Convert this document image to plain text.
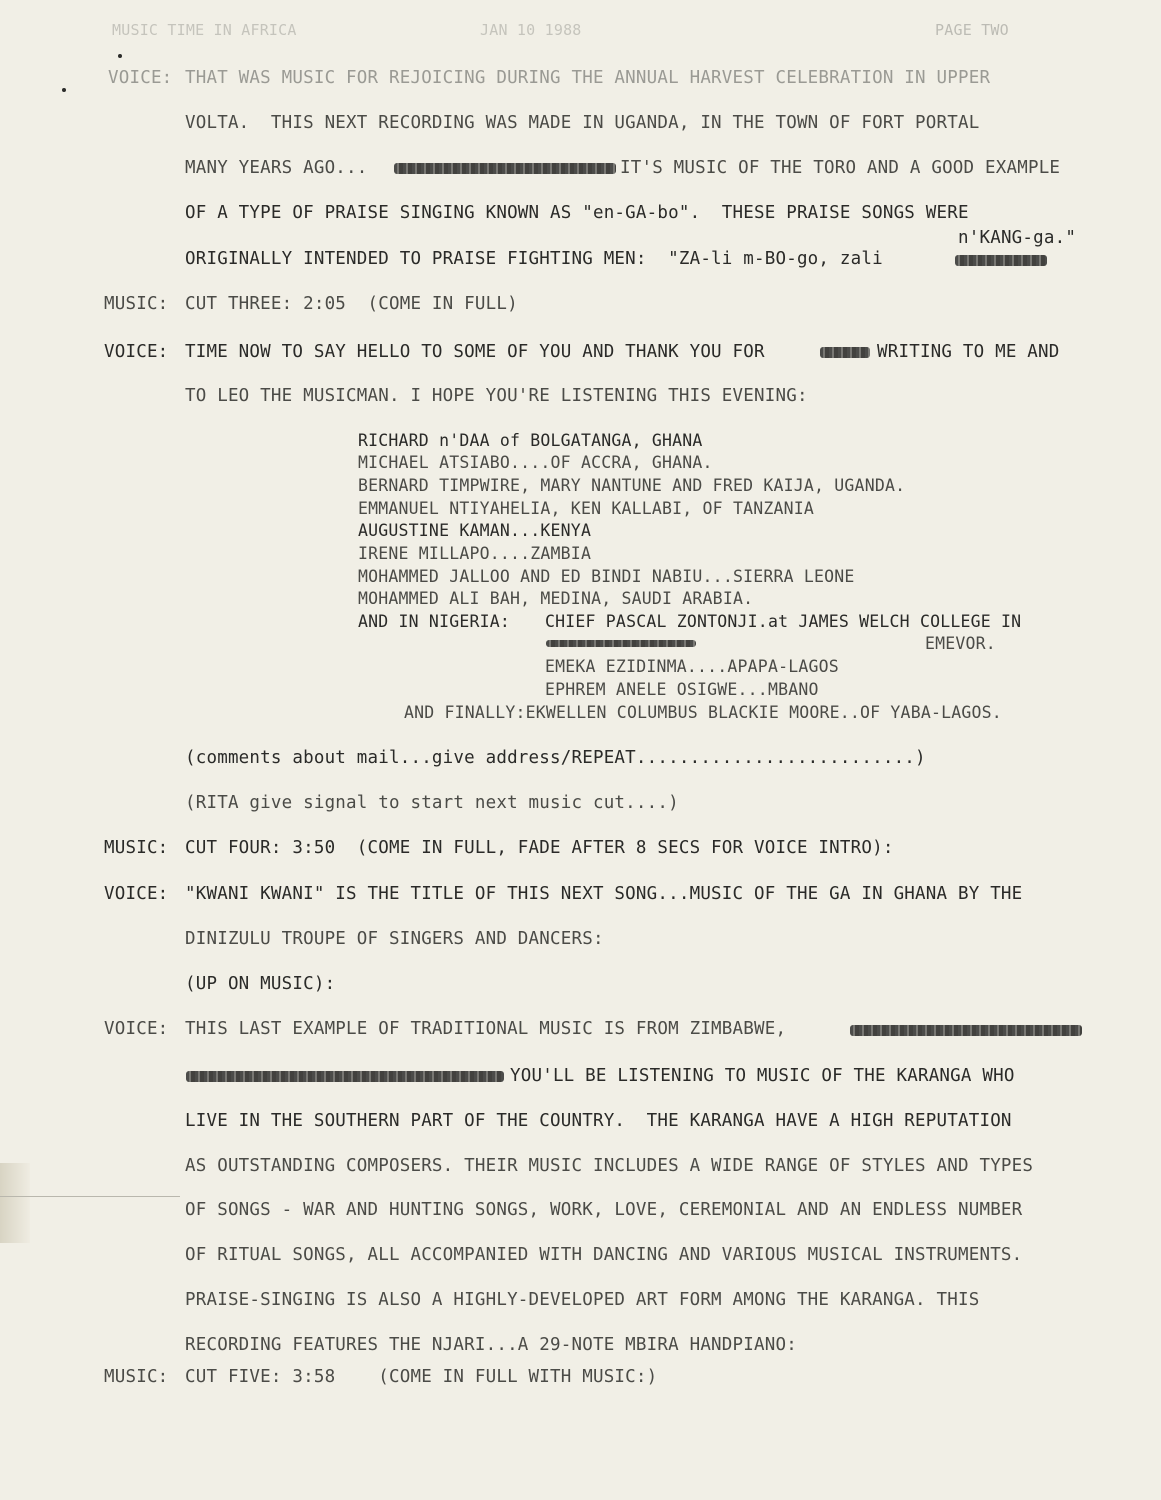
MUSIC TIME IN AFRICA	JAN 10 1988	PAGE TWO
VOICE: THAT WAS MUSIC FOR REJOICING DURING THE ANNUAL HARVEST CELEBRATION IN UPPER
VOLTA.  THIS NEXT RECORDING WAS MADE IN UGANDA, IN THE TOWN OF FORT PORTAL
MANY YEARS AGO...	IT'S MUSIC OF THE TORO AND A GOOD EXAMPLE
OF A TYPE OF PRAISE SINGING KNOWN AS "en-GA-bo".  THESE PRAISE SONGS WERE
n'KANG-ga."
ORIGINALLY INTENDED TO PRAISE FIGHTING MEN:  "ZA-li m-BO-go, zali
MUSIC: CUT THREE: 2:05  (COME IN FULL)
VOICE: TIME NOW TO SAY HELLO TO SOME OF YOU AND THANK YOU FOR	WRITING TO ME AND
TO LEO THE MUSICMAN. I HOPE YOU'RE LISTENING THIS EVENING:
RICHARD n'DAA of BOLGATANGA, GHANA
MICHAEL ATSIABO....OF ACCRA, GHANA.
BERNARD TIMPWIRE, MARY NANTUNE AND FRED KAIJA, UGANDA.
EMMANUEL NTIYAHELIA, KEN KALLABI, OF TANZANIA
AUGUSTINE KAMAN...KENYA
IRENE MILLAPO....ZAMBIA
MOHAMMED JALLOO AND ED BINDI NABIU...SIERRA LEONE
MOHAMMED ALI BAH, MEDINA, SAUDI ARABIA.
AND IN NIGERIA: CHIEF PASCAL ZONTONJI.at JAMES WELCH COLLEGE IN
EMEVOR.
EMEKA EZIDINMA....APAPA-LAGOS
EPHREM ANELE OSIGWE...MBANO
AND FINALLY:EKWELLEN COLUMBUS BLACKIE MOORE..OF YABA-LAGOS.
(comments about mail...give address/REPEAT..........................)
(RITA give signal to start next music cut....)
MUSIC: CUT FOUR: 3:50  (COME IN FULL, FADE AFTER 8 SECS FOR VOICE INTRO):
VOICE: "KWANI KWANI" IS THE TITLE OF THIS NEXT SONG...MUSIC OF THE GA IN GHANA BY THE
DINIZULU TROUPE OF SINGERS AND DANCERS:
(UP ON MUSIC):
VOICE: THIS LAST EXAMPLE OF TRADITIONAL MUSIC IS FROM ZIMBABWE,
YOU'LL BE LISTENING TO MUSIC OF THE KARANGA WHO
LIVE IN THE SOUTHERN PART OF THE COUNTRY.  THE KARANGA HAVE A HIGH REPUTATION
AS OUTSTANDING COMPOSERS. THEIR MUSIC INCLUDES A WIDE RANGE OF STYLES AND TYPES
OF SONGS - WAR AND HUNTING SONGS, WORK, LOVE, CEREMONIAL AND AN ENDLESS NUMBER
OF RITUAL SONGS, ALL ACCOMPANIED WITH DANCING AND VARIOUS MUSICAL INSTRUMENTS.
PRAISE-SINGING IS ALSO A HIGHLY-DEVELOPED ART FORM AMONG THE KARANGA. THIS
RECORDING FEATURES THE NJARI...A 29-NOTE MBIRA HANDPIANO:
MUSIC: CUT FIVE: 3:58    (COME IN FULL WITH MUSIC:)
